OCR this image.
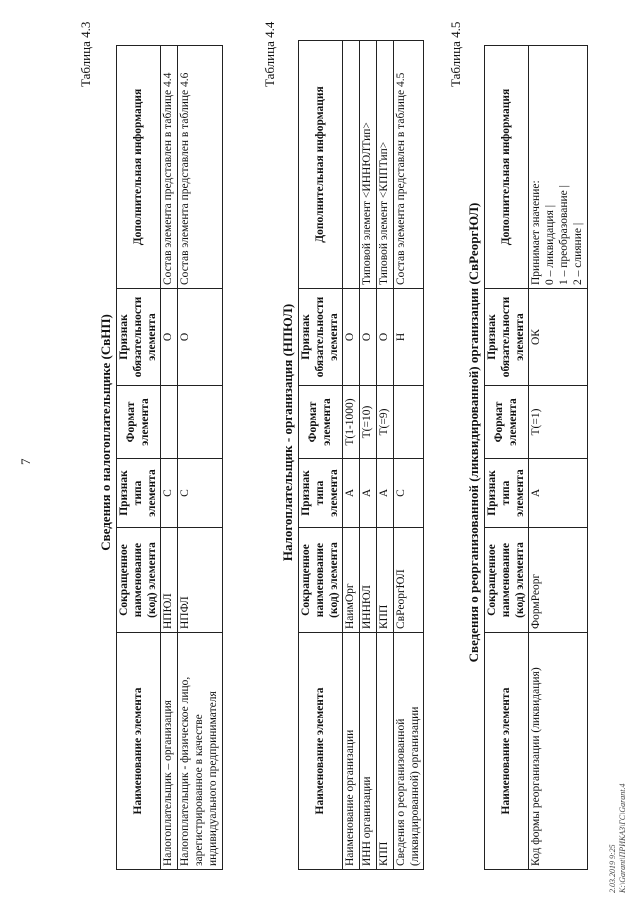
7
Таблица 4.3
Сведения о налогоплательщике (СвНП)
Наименование элемента	Сокращенное наименование (код) элемента	Признак типа элемента	Формат элемента	Признак обязательности элемента	Дополнительная информация
Налогоплательщик – организация	НПЮЛ	С		О	Состав элемента представлен в таблице 4.4
Налогоплательщик - физическое лицо, зарегистрированное в качестве индивидуального предпринимателя	НПФЛ	С		О	Состав элемента представлен в таблице 4.6
Таблица 4.4
Налогоплательщик - организация (НПЮЛ)
Наименование элемента	Сокращенное наименование (код) элемента	Признак типа элемента	Формат элемента	Признак обязательности элемента	Дополнительная информация
Наименование организации	НаимОрг	А	T(1-1000)	О	
ИНН организации	ИННЮЛ	А	T(=10)	О	Типовой элемент <ИННЮЛТип>
КПП	КПП	А	T(=9)	О	Типовой элемент <КППТип>
Сведения о реорганизованной (ликвидированной) организации	СвРеоргЮЛ	С		Н	Состав элемента представлен в таблице 4.5
Таблица 4.5
Сведения о реорганизованной (ликвидированной) организации (СвРеоргЮЛ)
Наименование элемента	Сокращенное наименование (код) элемента	Признак типа элемента	Формат элемента	Признак обязательности элемента	Дополнительная информация
Код формы реорганизации (ликвидация)	ФормРеорг	А	T(=1)	ОК	Принимает значение:
0 – ликвидация |
1 – преобразование |
2 – слияние |
2.03.2019 9:25 К:\Garant\ПРИКАЗ\ГС\Garant.4
